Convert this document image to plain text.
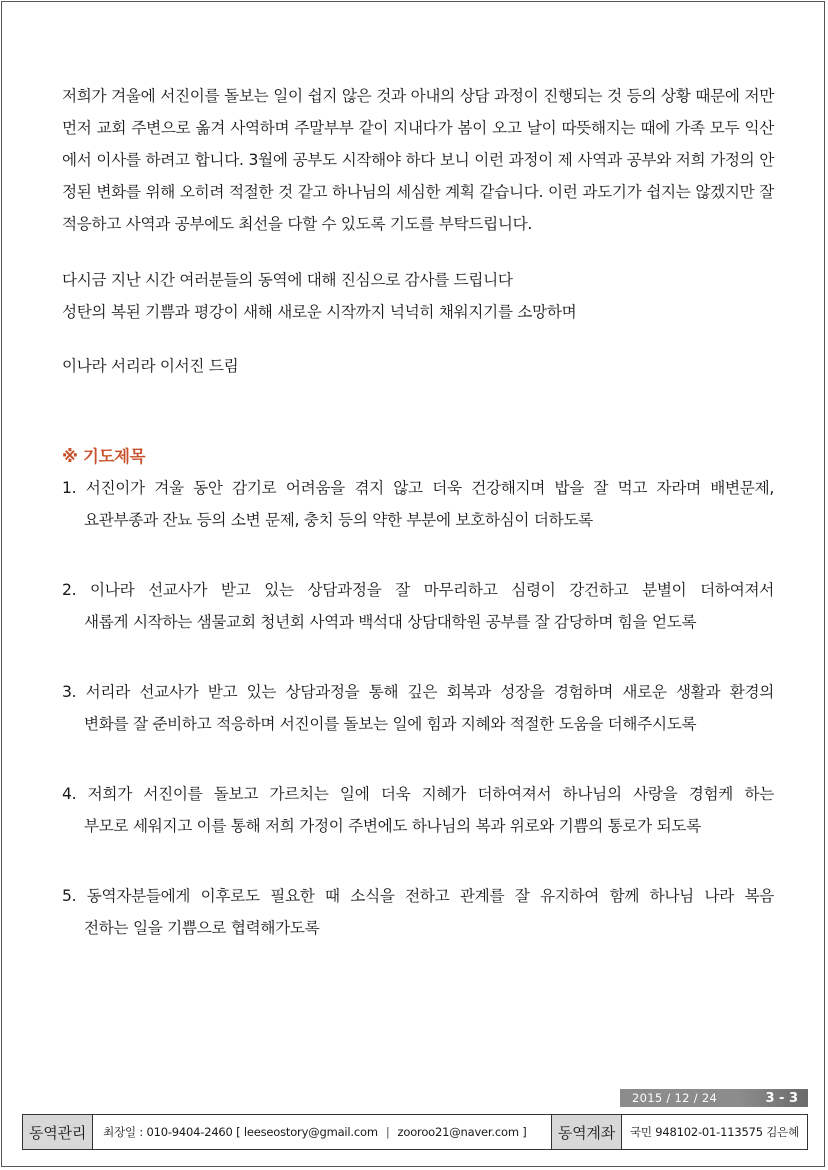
저희가 겨울에 서진이를 돌보는 일이 쉽지 않은 것과 아내의 상담 과정이 진행되는 것 등의 상황 때문에 저만 먼저 교회 주변으로 옮겨 사역하며 주말부부 같이 지내다가 봄이 오고 날이 따뜻해지는 때에 가족 모두 익산에서 이사를 하려고 합니다. 3월에 공부도 시작해야 하다 보니 이런 과정이 제 사역과 공부와 저희 가정의 안정된 변화를 위해 오히려 적절한 것 같고 하나님의 세심한 계획 같습니다. 이런 과도기가 쉽지는 않겠지만 잘 적응하고 사역과 공부에도 최선을 다할 수 있도록 기도를 부탁드립니다.

다시금 지난 시간 여러분들의 동역에 대해 진심으로 감사를 드립니다

성탄의 복된 기쁨과 평강이 새해 새로운 시작까지 넉넉히 채워지기를 소망하며

이나라 서리라 이서진 드림

※ 기도제목
1. 서진이가 겨울 동안 감기로 어려움을 겪지 않고 더욱 건강해지며 밥을 잘 먹고 자라며 배변문제,
요관부종과 잔뇨 등의 소변 문제, 충치 등의 약한 부분에 보호하심이 더하도록
2. 이나라 선교사가 받고 있는 상담과정을 잘 마무리하고 심령이 강건하고 분별이 더하여져서
새롭게 시작하는 샘물교회 청년회 사역과 백석대 상담대학원 공부를 잘 감당하며 힘을 얻도록
3. 서리라 선교사가 받고 있는 상담과정을 통해 깊은 회복과 성장을 경험하며 새로운 생활과 환경의
변화를 잘 준비하고 적응하며 서진이를 돌보는 일에 힘과 지혜와 적절한 도움을 더해주시도록
4. 저희가 서진이를 돌보고 가르치는 일에 더욱 지혜가 더하여져서 하나님의 사랑을 경험케 하는
부모로 세워지고 이를 통해 저희 가정이 주변에도 하나님의 복과 위로와 기쁨의 통로가 되도록
5. 동역자분들에게 이후로도 필요한 때 소식을 전하고 관계를 잘 유지하여 함께 하나님 나라 복음
전하는 일을 기쁨으로 협력해가도록
2015 / 12 / 24	3 - 3
동역관리	최장일 : 010-9404-2460 [ leeseostory@gmail.com | zooroo21@naver.com ]	동역계좌	국민 948102-01-113575 김은혜
